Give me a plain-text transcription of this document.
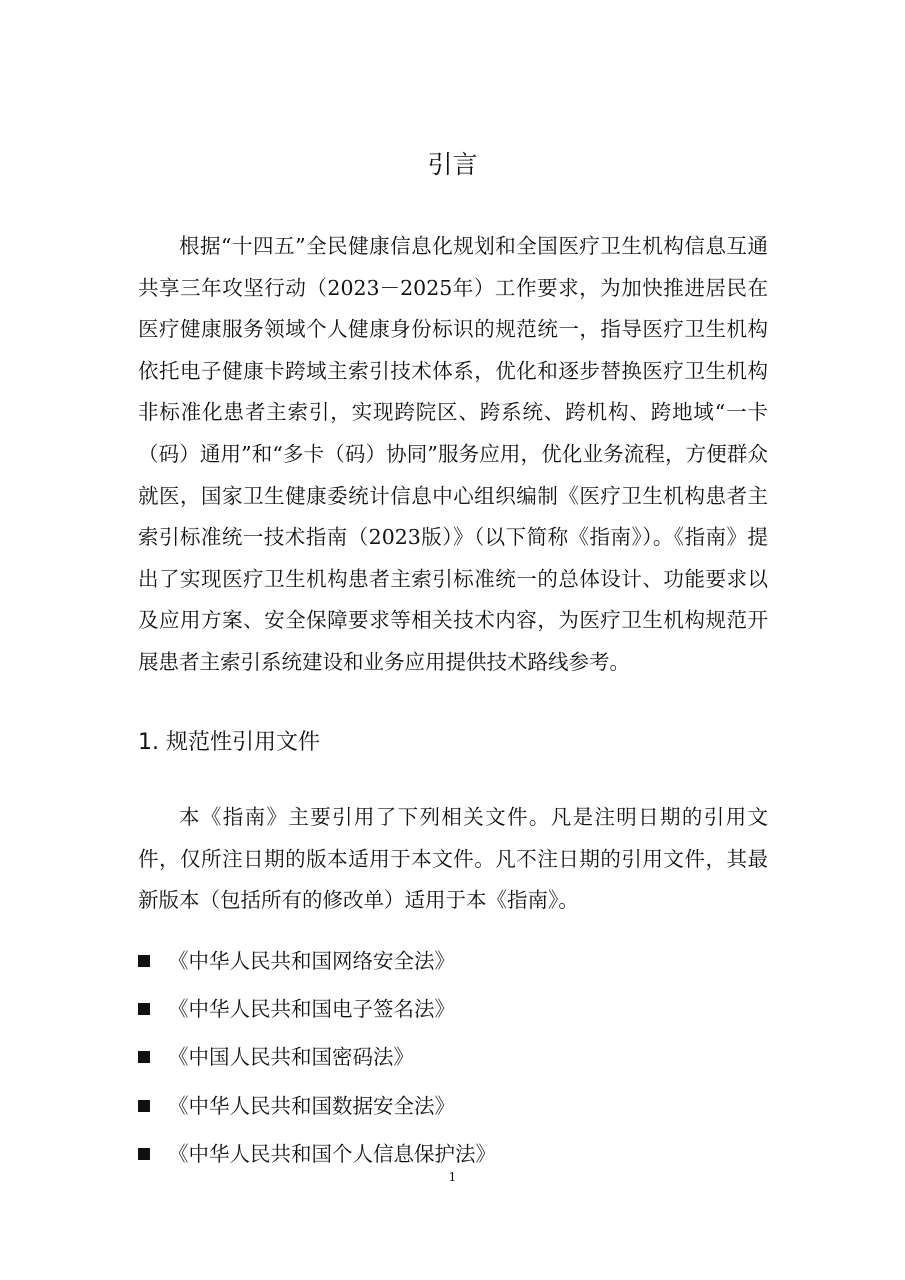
引言

根据“十四五”全民健康信息化规划和全国医疗卫生机构信息互通共享三年攻坚行动（2023－2025年）工作要求，为加快推进居民在医疗健康服务领域个人健康身份标识的规范统一，指导医疗卫生机构依托电子健康卡跨域主索引技术体系，优化和逐步替换医疗卫生机构非标准化患者主索引，实现跨院区、跨系统、跨机构、跨地域“一卡（码）通用”和“多卡（码）协同”服务应用，优化业务流程，方便群众就医，国家卫生健康委统计信息中心组织编制《医疗卫生机构患者主索引标准统一技术指南（2023版）》（以下简称《指南》）。《指南》提出了实现医疗卫生机构患者主索引标准统一的总体设计、功能要求以及应用方案、安全保障要求等相关技术内容，为医疗卫生机构规范开展患者主索引系统建设和业务应用提供技术路线参考。

1. 规范性引用文件

本《指南》主要引用了下列相关文件。凡是注明日期的引用文件，仅所注日期的版本适用于本文件。凡不注日期的引用文件，其最新版本（包括所有的修改单）适用于本《指南》。

《中华人民共和国网络安全法》
《中华人民共和国电子签名法》
《中国人民共和国密码法》
《中华人民共和国数据安全法》
《中华人民共和国个人信息保护法》
1
